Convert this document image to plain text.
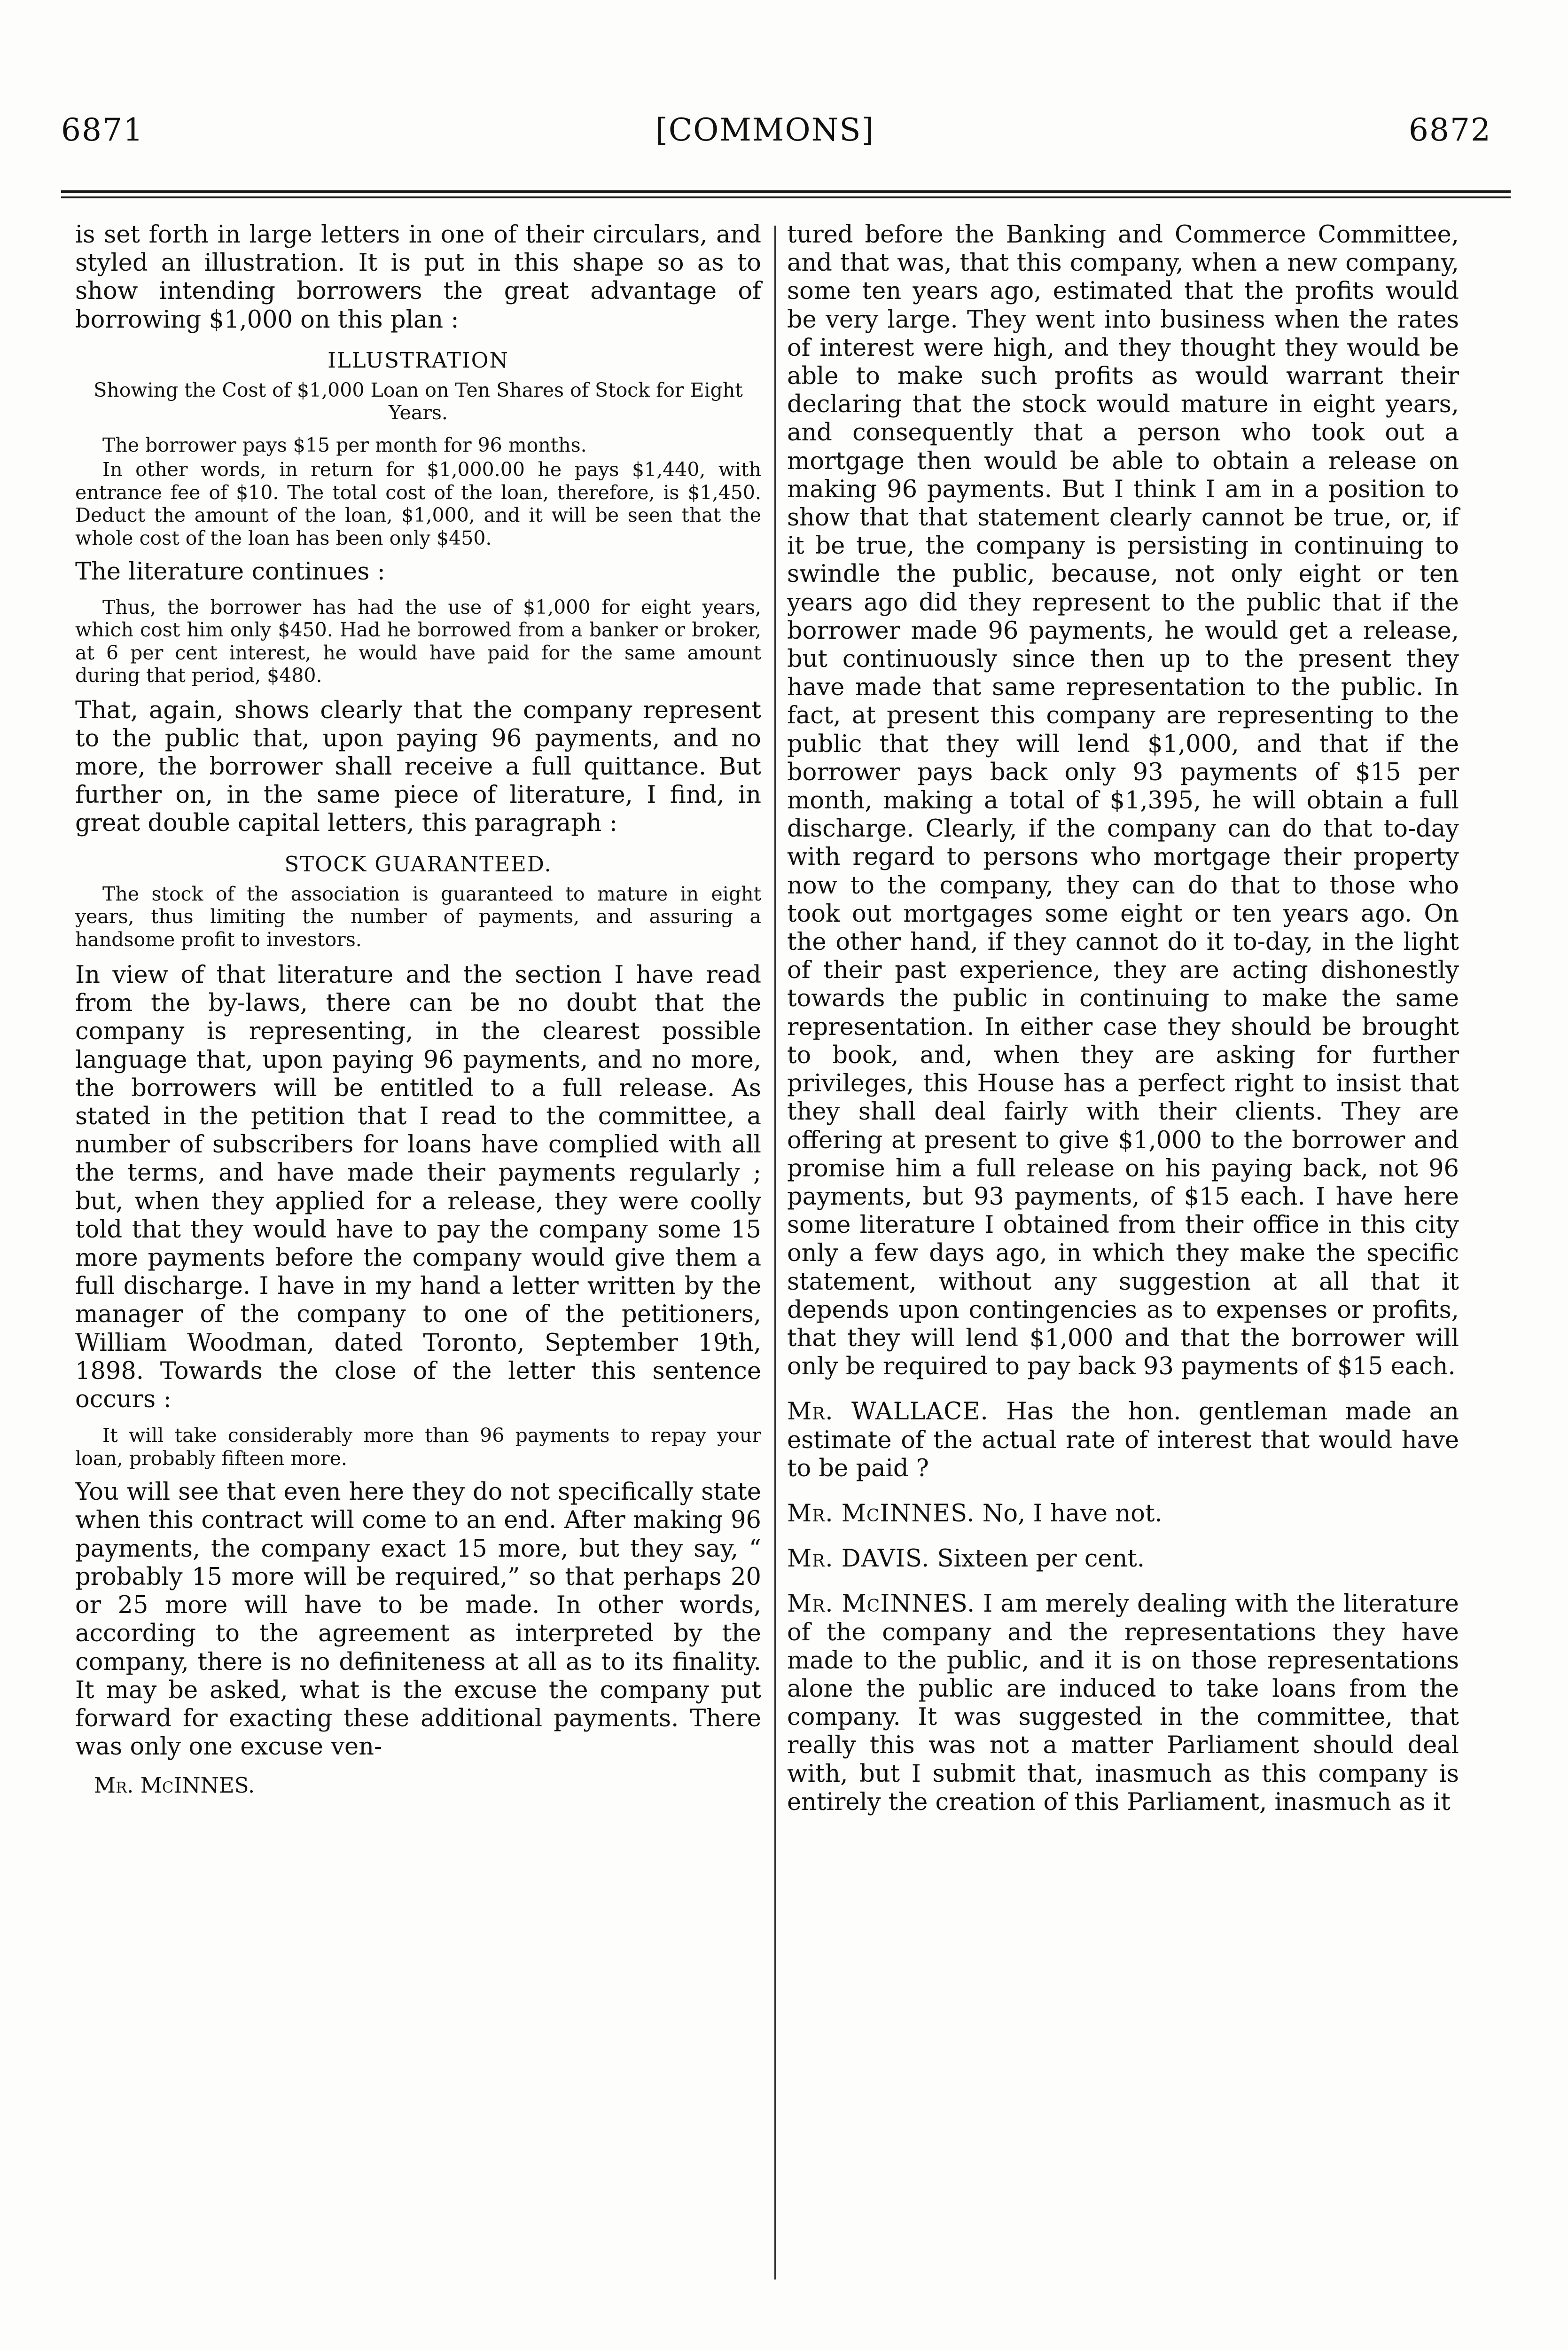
6871	[COMMONS]	6872

is set forth in large letters in one of their circulars, and styled an illustration. It is put in this shape so as to show intending borrowers the great advantage of borrowing $1,000 on this plan :

ILLUSTRATION

Showing the Cost of $1,000 Loan on Ten Shares of Stock for Eight Years.

The borrower pays $15 per month for 96 months.

In other words, in return for $1,000.00 he pays $1,440, with entrance fee of $10. The total cost of the loan, therefore, is $1,450. Deduct the amount of the loan, $1,000, and it will be seen that the whole cost of the loan has been only $450.

The literature continues :

Thus, the borrower has had the use of $1,000 for eight years, which cost him only $450. Had he borrowed from a banker or broker, at 6 per cent interest, he would have paid for the same amount during that period, $480.

That, again, shows clearly that the company represent to the public that, upon paying 96 payments, and no more, the borrower shall receive a full quittance. But further on, in the same piece of literature, I find, in great double capital letters, this paragraph :

STOCK GUARANTEED.

The stock of the association is guaranteed to mature in eight years, thus limiting the number of payments, and assuring a handsome profit to investors.

In view of that literature and the section I have read from the by-laws, there can be no doubt that the company is representing, in the clearest possible language that, upon paying 96 payments, and no more, the borrowers will be entitled to a full release. As stated in the petition that I read to the committee, a number of subscribers for loans have complied with all the terms, and have made their payments regularly ; but, when they applied for a release, they were coolly told that they would have to pay the company some 15 more payments before the company would give them a full discharge. I have in my hand a letter written by the manager of the company to one of the petitioners, William Woodman, dated Toronto, September 19th, 1898. Towards the close of the letter this sentence occurs :

It will take considerably more than 96 payments to repay your loan, probably fifteen more.

You will see that even here they do not specifically state when this contract will come to an end. After making 96 payments, the company exact 15 more, but they say, “ probably 15 more will be required,” so that perhaps 20 or 25 more will have to be made. In other words, according to the agreement as interpreted by the company, there is no definiteness at all as to its finality. It may be asked, what is the excuse the company put forward for exacting these additional payments. There was only one excuse ven-

Mr. McINNES.

tured before the Banking and Commerce Committee, and that was, that this company, when a new company, some ten years ago, estimated that the profits would be very large. They went into business when the rates of interest were high, and they thought they would be able to make such profits as would warrant their declaring that the stock would mature in eight years, and consequently that a person who took out a mortgage then would be able to obtain a release on making 96 payments. But I think I am in a position to show that that statement clearly cannot be true, or, if it be true, the company is persisting in continuing to swindle the public, because, not only eight or ten years ago did they represent to the public that if the borrower made 96 payments, he would get a release, but continuously since then up to the present they have made that same representation to the public. In fact, at present this company are representing to the public that they will lend $1,000, and that if the borrower pays back only 93 payments of $15 per month, making a total of $1,395, he will obtain a full discharge. Clearly, if the company can do that to-day with regard to persons who mortgage their property now to the company, they can do that to those who took out mortgages some eight or ten years ago. On the other hand, if they cannot do it to-day, in the light of their past experience, they are acting dishonestly towards the public in continuing to make the same representation. In either case they should be brought to book, and, when they are asking for further privileges, this House has a perfect right to insist that they shall deal fairly with their clients. They are offering at present to give $1,000 to the borrower and promise him a full release on his paying back, not 96 payments, but 93 payments, of $15 each. I have here some literature I obtained from their office in this city only a few days ago, in which they make the specific statement, without any suggestion at all that it depends upon contingencies as to expenses or profits, that they will lend $1,000 and that the borrower will only be required to pay back 93 payments of $15 each.

Mr. WALLACE. Has the hon. gentleman made an estimate of the actual rate of interest that would have to be paid ?

Mr. McINNES. No, I have not.

Mr. DAVIS. Sixteen per cent.

Mr. McINNES. I am merely dealing with the literature of the company and the representations they have made to the public, and it is on those representations alone the public are induced to take loans from the company. It was suggested in the committee, that really this was not a matter Parliament should deal with, but I submit that, inasmuch as this company is entirely the creation of this Parliament, inasmuch as it
